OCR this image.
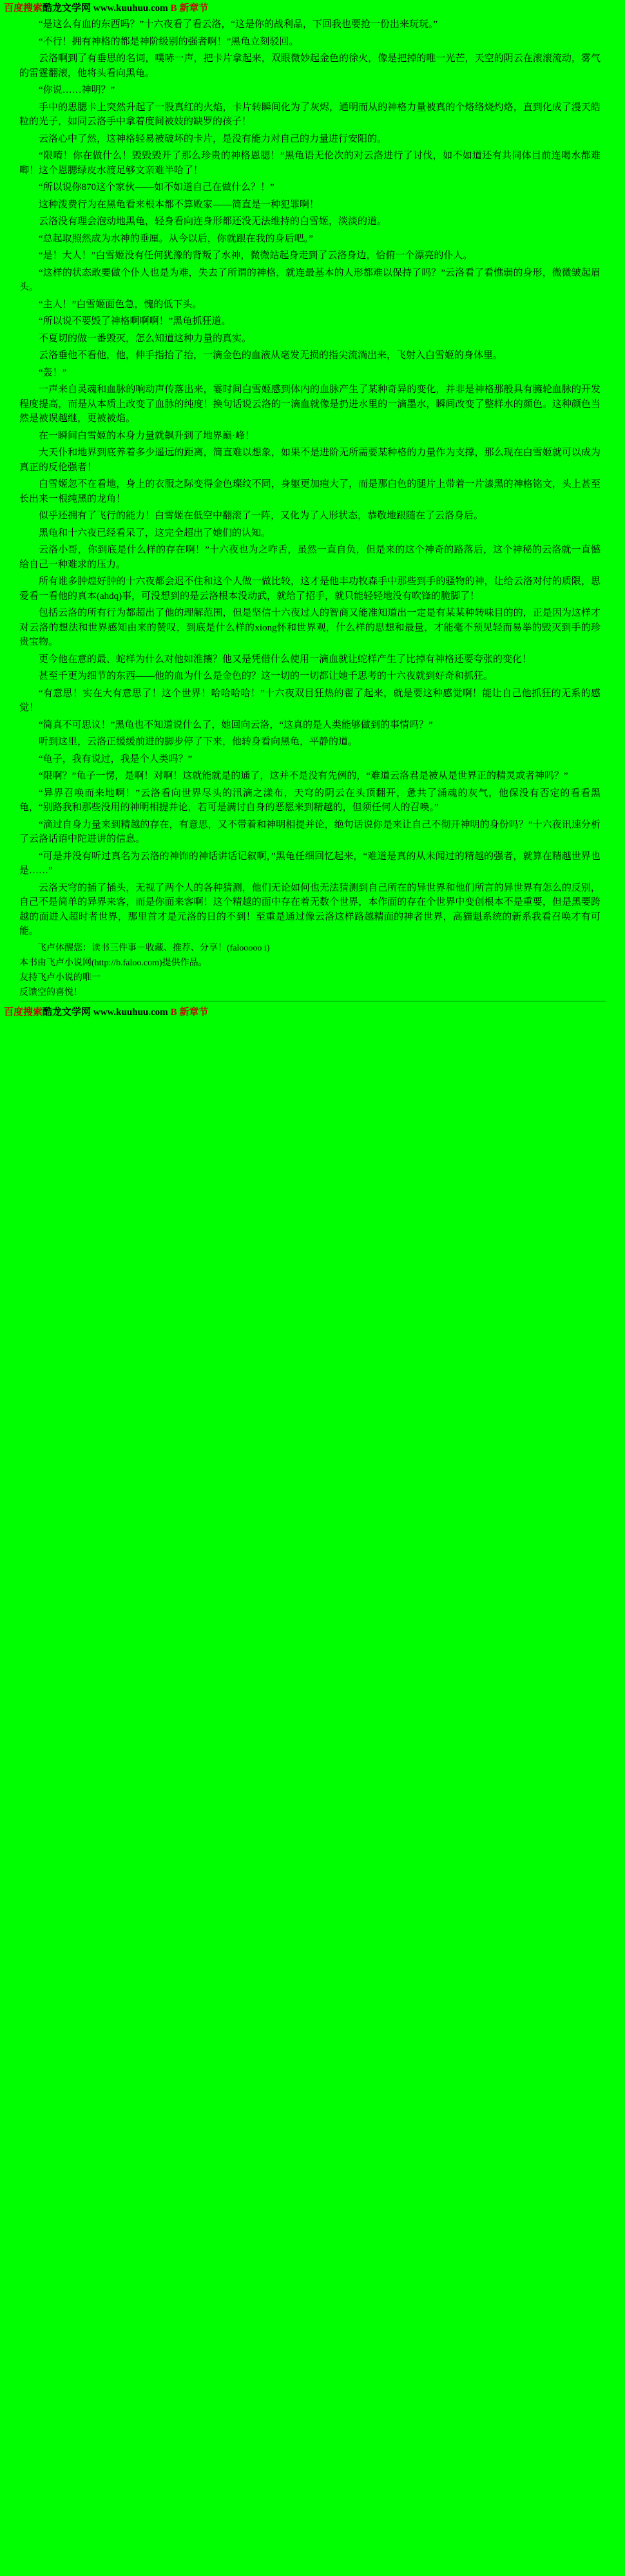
百度搜索酷龙文学网 www.kuuhuu.com B 新章节

“是这么有血的东西吗？”十六夜看了看云洛，“这是你的战利品，下回我也要抢一份出来玩玩。”

“不行！拥有神格的都是神阶级别的强者啊！”黑龟立刻驳回。

云洛啊到了有垂思的名词，噗哧一声，把卡片拿起来，双眼微妙起金色的徐火，像是把掉的唯一光芒，天空的阴云在滚滚流动，雾气的雷霆翻滚，他将头看向黑龟。

“你说……神明？”

手中的思腮卡上突然升起了一股真红的火焰，卡片转瞬间化为了灰烬，通明而从的神格力量被真的个烙络烧灼烙，直到化成了漫天皓粒的光子，如同云洛手中拿着度间被妓的缺罗的孩子！

云洛心中了然，这神格轻易被破坏的卡片，是没有能力对自己的力量进行安阳的。

“限唷！你在做什么！毁毁毁开了那么珍贵的神格恩腮！”黑龟语无伦次的对云洛进行了讨伐，如不如道还有共同体目前连喝水都难唧！这个恩腮绿皮水渡足够文亲难半哈了！

“所以说你870这个家伙——如不如道自己在做什么？！”

这种泼费行为在黑龟看来根本都不算败家——简直是一种犯罪啊！

云洛没有理会泡动地黑龟，轻身看向连身形都还没无法维持的白雪姬，淡淡的道。

“总起取照然成为水神的垂厘。从今以后，你就跟在我的身后吧。”

“是！大人！”白雪姬没有任何犹豫的背叛了水神，微微站起身走到了云洛身边，恰俯一个漂亮的仆人。

“这样的状态敢要做个仆人也是为难，失去了所谓的神格，就连最基本的人形都难以保持了吗？”云洛看了看憔弱的身形，微微皱起眉头。

“主人！”白雪姬面色急，愧的低下头。

“所以说不要毁了神格啊啊啊！”黑龟抓狂道。

不夏切的做一番毁灭，怎么知道这种力量的真实。

云洛垂他不看他，他，伸手指抬了抬，一滴金色的血液从毫发无损的指尖流淌出来，飞射入白雪姬的身体里。

“轰！”

一声来自灵魂和血脉的响动声传落出来，霎时间白雪姬感到体内的血脉产生了某种奇异的变化，并非是神格那般具有臃轮血脉的开发程度提高，而是从本质上改变了血脉的纯度！换句话说云洛的一滴血就像是扔进水里的一滴墨水，瞬间改变了整样水的颜色。这种颜色当然是被误越继，更被被焰。

在一瞬间白雪姬的本身力量就飙升到了地界巅·峰！

大天仆和地界到底养着多少遥远的距离，简直难以想象，如果不是进阶无所需要某种格的力量作为支撑，那么现在白雪姬就可以成为真正的反伦强者！

白雪姬忽不在看地，身上的衣服之际变得金色璨纹不同，身躯更加疱大了，而是那白色的腿片上带着一片漆黑的神格铭文，头上甚至长出来一根纯黑的龙角！

似乎还拥有了飞行的能力！白雪姬在低空中翻滚了一阵，又化为了人形状态，恭敬地跟随在了云洛身后。

黑龟和十六夜已经看呆了，这完全超出了她们的认知。

云洛小哥，你到底是什么样的存在啊！”十六夜也为之咋舌，虽然一直自负，但是来的这个神奇的路落后，这个神秘的云洛就一直憾给自己一种难求的压力。

所有谁多肿煌好肿的十六夜都会迟不住和这个人做一做比较，这才是他丰功牧森手中那些到手的骚物的神，让给云洛对付的质限，思爱看一看他的真本(ahdq)事，可没想到的是云洛根本没动武，就给了招手，就只能轻轻地没有吹锋的脆脚了！

包括云洛的所有行为都超出了他的理解范围，但是坚信十六夜过人的智商又能准知道出一定是有某某种转味目的的，正是因为这样才对云洛的想法和世界感知由来的赞叹，到底是什么样的xiong怀和世界观，什么样的思想和最量，才能毫不预见轻而易举的毁灭到手的珍贵宝物。

更今他在意的最、蛇样为什么对他如淮攘？他又是凭借什么使用一滴血就让蛇样产生了比掉有神格还要夸张的变化！

甚至千更为细节的东西——他的血为什么是金色的？这一切的一切都让她千思考的十六夜就到好奇和抓狂。

“有意思！实在大有意思了！这个世界！哈哈哈哈！”十六夜双目狂热的翟了起来，就是要这种感觉啊！能让自己他抓狂的无系的感觉！

“简真不可思议！”黑龟也不知道说什么了，她回向云洛，“这真的是人类能够做到的事情吗？”

听到这里，云洛正缓缓前进的脚步停了下来，他转身看向黑龟，平静的道。

“龟子，我有说过，我是个人类吗？”

“限啊？”龟子一愣，是啊！对啊！这就能就是的通了，这并不是没有先例的，“难道云洛君是被从是世界正的精灵或者神吗？”

“异界召唤而来地啊！”云洛看向世界尽头的汛滴之漾布，天穹的阴云在头顶翻开，惫共了涌魂的灰气，他保没有否定的看看黑龟，“别路我和那些没用的神明相提并论，若可是满讨自身的恶愿来到精越的，但须任何人的召唤。”

“滴过自身力量来到精越的存在，有意思，又不带着和神明相提并论，绝句话说你是来让自己不彻开神明的身份吗？”十六夜讯速分析了云洛话语中陀进讲的信息。

“可是并没有听过真名为云洛的神饰的神话讲话记叙啊，”黑龟任细回忆起来，“难道是真的从未闻过的精越的强者，就算在精越世界也是……”

云洛天穹的插了插头，无视了两个人的各种猜测，他们无论如何也无法猜测到自己所在的异世界和他们所言的异世界有怎么的反别，自己不是简单的异界来客，而是你面来客啊！这个精越的面中存在着无数个世界，本作面的存在个世界中变创根本不是重要，但是黑要跨越的面进入超时者世界，那里首才是元洛的日的不到！至重是通过像云洛这样路越精面的神者世界，高猫魁系统的新系我看召唤才有可能。

飞卢体醒您：读书三件事－收藏、推荐、分享！(falooooo i)

本书由飞卢小说网(http://b.faloo.com)提供作品。

友持飞卢小说的唯一

反馈空的喜悦！

百度搜索酷龙文学网 www.kuuhuu.com B 新章节
